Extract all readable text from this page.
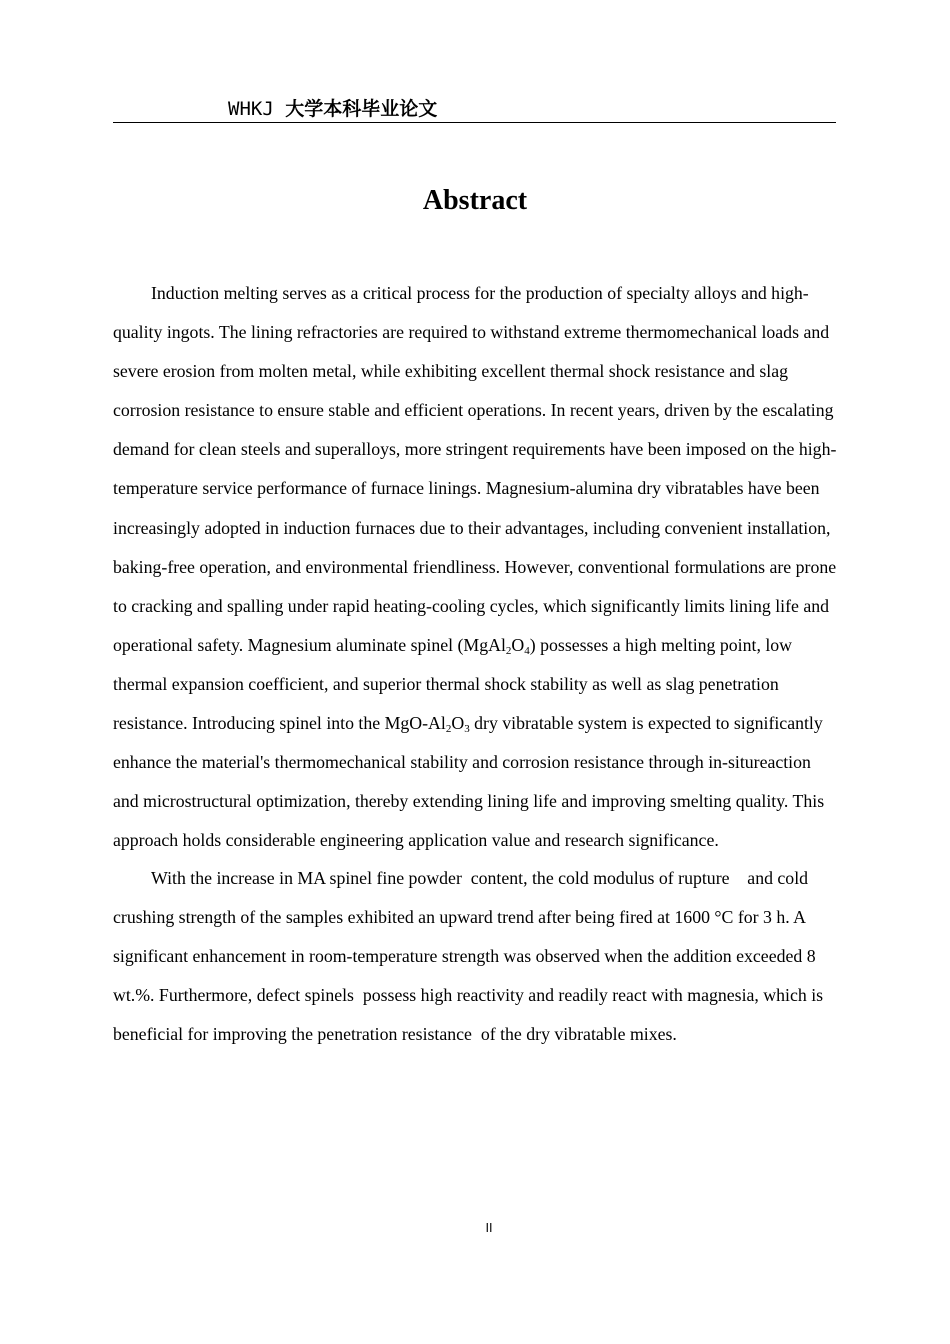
WHKJ 大学本科毕业论文
Abstract

Induction melting serves as a critical process for the production of specialty alloys and high-quality ingots. The lining refractories are required to withstand extreme thermomechanical loads and severe erosion from molten metal, while exhibiting excellent thermal shock resistance and slag corrosion resistance to ensure stable and efficient operations. In recent years, driven by the escalating demand for clean steels and superalloys, more stringent requirements have been imposed on the high-temperature service performance of furnace linings. Magnesium-alumina dry vibratables have been increasingly adopted in induction furnaces due to their advantages, including convenient installation, baking-free operation, and environmental friendliness. However, conventional formulations are prone to cracking and spalling under rapid heating-cooling cycles, which significantly limits lining life and operational safety. Magnesium aluminate spinel $(MgAl_2O_4)$ possesses a high melting point, low thermal expansion coefficient, and superior thermal shock stability as well as slag penetration resistance. Introducing spinel into the MgO-$Al_2O_3$ dry vibratable system is expected to significantly enhance the material's thermomechanical stability and corrosion resistance through in-situreaction and microstructural optimization, thereby extending lining life and improving smelting quality. This approach holds considerable engineering application value and research significance.

With the increase in MA spinel fine powder  content, the cold modulus of rupture    and cold crushing strength of the samples exhibited an upward trend after being fired at 1600 °C for 3 h. A significant enhancement in room-temperature strength was observed when the addition exceeded 8 wt.%. Furthermore, defect spinels  possess high reactivity and readily react with magnesia, which is beneficial for improving the penetration resistance  of the dry vibratable mixes.

II
